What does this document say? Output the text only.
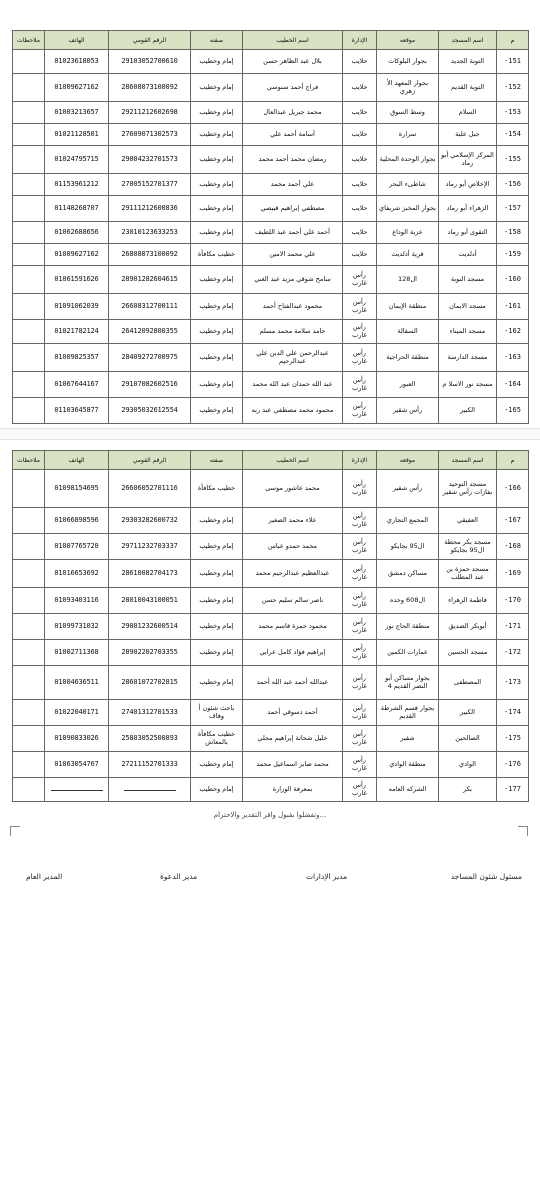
م	اسم المسجد	موقعه	الإدارة	اسم الخطيب	صفته	الرقم القومي	الهاتف	ملاحظات
151-	التوبة الجديد	بجوار البلوكات	حلايب	بلال عبد الظاهر حسن	إمام وخطيب	29103052700610	01023618053	
152-	التوبة القديم	بجوار المعهد الأ زهري	حلايب	فراج أحمد سنوسي	إمام وخطيب	28608073100092	01009627162	
153-	السلام	وسط السوق	حلايب	محمد جبريل عبدالعال	إمام وخطيب	29211212602698	01003213657	
154-	جبل علبة	سرارة	حلايب	أسامة أحمد علي	إمام وخطيب	27609071302573	01021128501	
155-	المركز الإسلامي أبو رماد	بجوار الوحدة المحلية	حلايب	رمضان محمد أحمد محمد	إمام وخطيب	29004232701573	01024795715	
156-	الإخلاص أبو رماد	شاطىء البحر	حلايب	علي أحمد محمد	إمام وخطيب	27005152701377	01153961212	
157-	الزهراء أبو رماد	بجوار المخبز شريفاي	حلايب	مصطفي إبراهيم قبيصي	إمام وخطيب	29111212600836	01148268707	
158-	التقوى أبو رماد	عزبة الوداع	حلايب	أحمد علي أحمد عبد اللطيف	إمام وخطيب	23010123633253	01062688656	
159-	أدلديت	قرية أدلديت	حلايب	علي محمد الامين	خطيب مكافأة	26808073100092	01009627162	
160-	مسجد النوبة	ال128	رأس غارب	سامح شوقي مزيد عبد الغني	إمام وخطيب	28901282604615	01061591626	
161-	مسجد الايمان	منطقة الإيمان	رأس غارب	محمود عبدالفتاح أحمد	إمام وخطيب	26608312700111	01091062039	
162-	مسجد الميناء	السقالة	رأس غارب	حامد سلامة محمد مسلم	إمام وخطيب	26412092800355	01021782124	
163-	مسجد الدارسة	منطقة الحراجية	رأس غارب	عبدالرحمن علي الدين علي عبدالرحيم	إمام وخطيب	28409272700975	01009825357	
164-	مسجد نور الاسلا م	العبور	رأس غارب	عبد الله حمدان عبد الله محمد	إمام وخطيب	29107082602516	01067644167	
165-	الكبير	رأس شقير	رأس غارب	محمود محمد مصطفي عبد ربه	إمام وخطيب	29305032612554	01103645877	
م	اسم المسجد	موقعه	الإدارة	اسم الخطيب	صفته	الرقم القومي	الهاتف	ملاحظات
166-	مسجد التوحيد بفازات رأس شقير	رأس شقير	رأس غارب	محمد عاشور موسى	خطيب مكافأة	26606052701116	01098154695	
167-	العقيقي	المجمع التجاري	رأس غارب	علاء محمد الصغير	إمام وخطيب	29303282600732	01066898596	
168-	مسجد بكر محطة ال95 بجايكو	ال95 بجايكو	رأس غارب	محمد حمدو عباس	إمام وخطيب	29711232703337	01007765720	
169-	مسجد حمزة بن عبد المطلب	مساكن دمشق	رأس غارب	عبدالعظيم عبدالرحيم محمد	إمام وخطيب	28610082704173	01016653692	
170-	فاطمة الزهراء	ال608 وحده	رأس غارب	ناصر سالم سليم حسن	إمام وخطيب	28010043100051	01093403116	
171-	أبوبكر الصديق	منطقة الحاج نور	رأس غارب	محمود حمزة قاسم محمد	إمام وخطيب	29001232600514	01099731032	
172-	مسجد الحسين	عمارات الكمين	رأس غارب	إبراهيم فؤاد كامل عرابي	إمام وخطيب	28902202703355	01002711368	
173-	المصطفى	بجوار مساكن أبو النصر القديم 4	رأس غارب	عبدالله أحمد عبد الله أحمد	إمام وخطيب	28601072702815	01004636511	
174-	الكبير	بجوار قسم الشرطة القديم	رأس غارب	أحمد دسوقي أحمد	باحث شئون أ وقاف	27401312701533	01022040171	
175-	الصالحين	شقير	رأس غارب	خليل شحاتة إبراهيم مجلي	خطيب مكافأة بالمعاش	25803052500893	01090833026	
176-	الوادي	منطقة الوادي	رأس غارب	محمد صابر اسماعيل محمد	إمام وخطيب	27211152701333	01063054767	
177-	بكر	الشركه العامه	رأس غارب	بمعرفة الوزارة	إمام وخطيب			
وتفضلوا بقبول وافر التقدير والاحترام...
مسئول شئون المساجد
مدير الإدارات
مدير الدعوة
المدير العام
